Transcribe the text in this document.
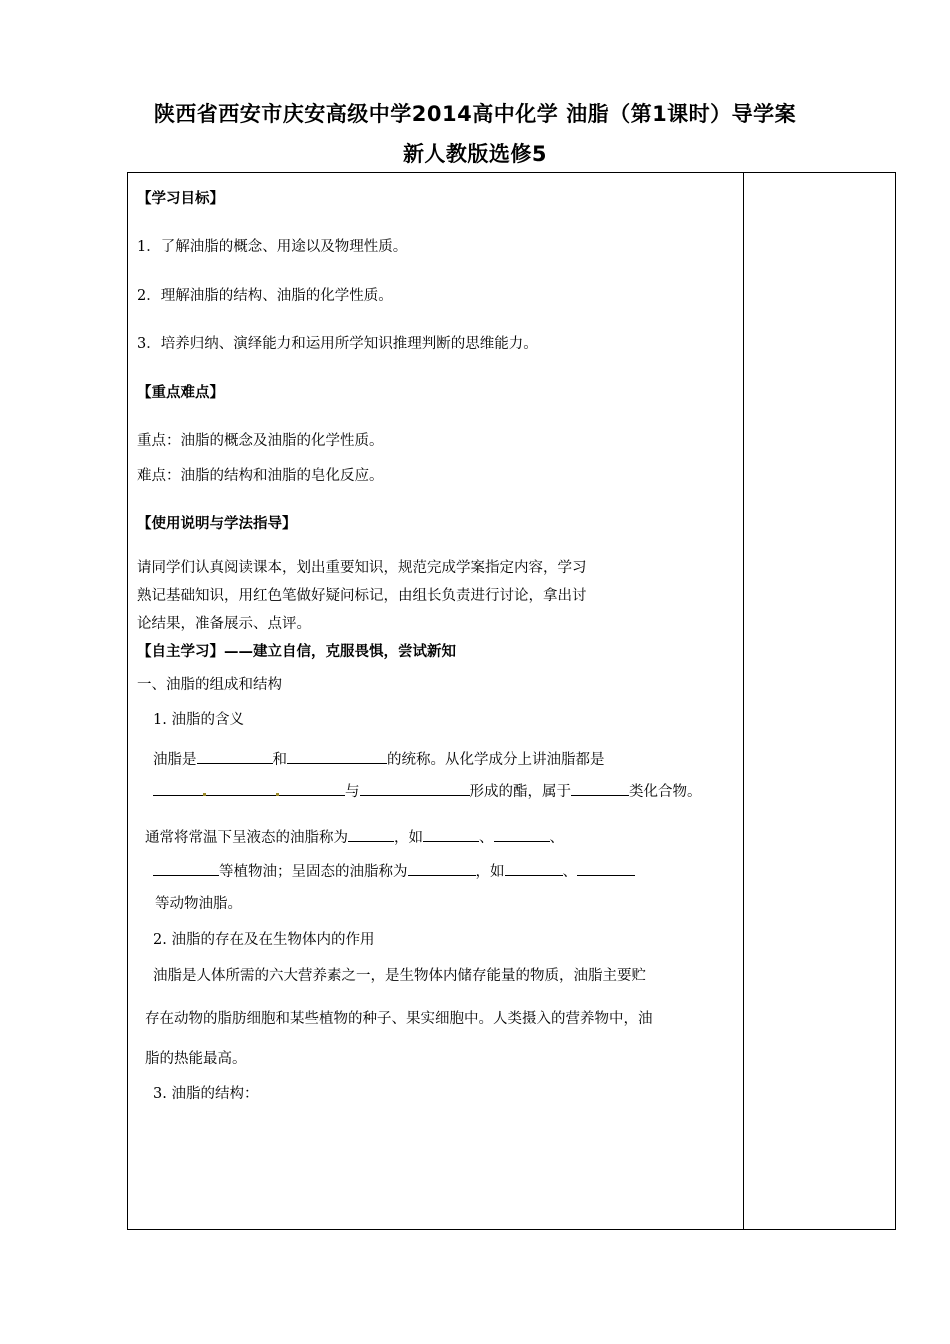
陕西省西安市庆安高级中学2014高中化学 油脂（第1课时）导学案
新人教版选修5
【学习目标】
1．了解油脂的概念、用途以及物理性质。
2．理解油脂的结构、油脂的化学性质。
3．培养归纳、演绎能力和运用所学知识推理判断的思维能力。
【重点难点】
重点：油脂的概念及油脂的化学性质。
难点：油脂的结构和油脂的皂化反应。
【使用说明与学法指导】
请同学们认真阅读课本，划出重要知识，规范完成学案指定内容，学习
熟记基础知识，用红色笔做好疑问标记，由组长负责进行讨论，拿出讨
论结果，准备展示、点评。
【自主学习】——建立自信，克服畏惧，尝试新知
一、油脂的组成和结构
1. 油脂的含义
油脂是	和	的统称。从化学成分上讲油脂都是
与	形成的酯，属于	类化合物。
通常将常温下呈液态的油脂称为	，如	、	、
等植物油；呈固态的油脂称为	，如	、
等动物油脂。
2. 油脂的存在及在生物体内的作用
油脂是人体所需的六大营养素之一，是生物体内储存能量的物质，油脂主要贮
存在动物的脂肪细胞和某些植物的种子、果实细胞中。人类摄入的营养物中，油
脂的热能最高。
3. 油脂的结构：
